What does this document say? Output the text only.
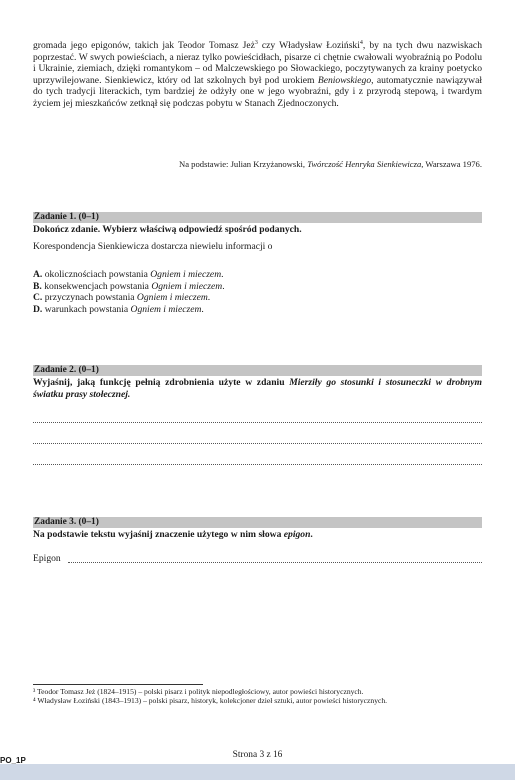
gromada jego epigonów, takich jak Teodor Tomasz Jeż$^3$ czy Władysław Łoziński$^4$, by na tych dwu nazwiskach poprzestać. W swych powieściach, a nieraz tylko powieścidłach, pisarze ci chętnie cwałowali wyobraźnią po Podolu i Ukrainie, ziemiach, dzięki romantykom – od Malczewskiego po Słowackiego, poczytywanych za krainy poetycko uprzywilejowane. Sienkiewicz, który od lat szkolnych był pod urokiem Beniowskiego, automatycznie nawiązywał do tych tradycji literackich, tym bardziej że odżyły one w jego wyobraźni, gdy i z przyrodą stepową, i twardym życiem jej mieszkańców zetknął się podczas pobytu w Stanach Zjednoczonych.

Na podstawie: Julian Krzyżanowski, Twórczość Henryka Sienkiewicza, Warszawa 1976.

Zadanie 1. (0–1)

Dokończ zdanie. Wybierz właściwą odpowiedź spośród podanych.

Korespondencja Sienkiewicza dostarcza niewielu informacji o

A. okolicznościach powstania Ogniem i mieczem.
B. konsekwencjach powstania Ogniem i mieczem.
C. przyczynach powstania Ogniem i mieczem.
D. warunkach powstania Ogniem i mieczem.
Zadanie 2. (0–1)

Wyjaśnij, jaką funkcję pełnią zdrobnienia użyte w zdaniu Mierziły go stosunki i stosuneczki w drobnym światku prasy stołecznej.

Zadanie 3. (0–1)

Na podstawie tekstu wyjaśnij znaczenie użytego w nim słowa epigon.

Epigon

³ Teodor Tomasz Jeż (1824–1915) – polski pisarz i polityk niepodległościowy, autor powieści historycznych.

⁴ Władysław Łoziński (1843–1913) – polski pisarz, historyk, kolekcjoner dzieł sztuki, autor powieści historycznych.

Strona 3 z 16
PO_1P
